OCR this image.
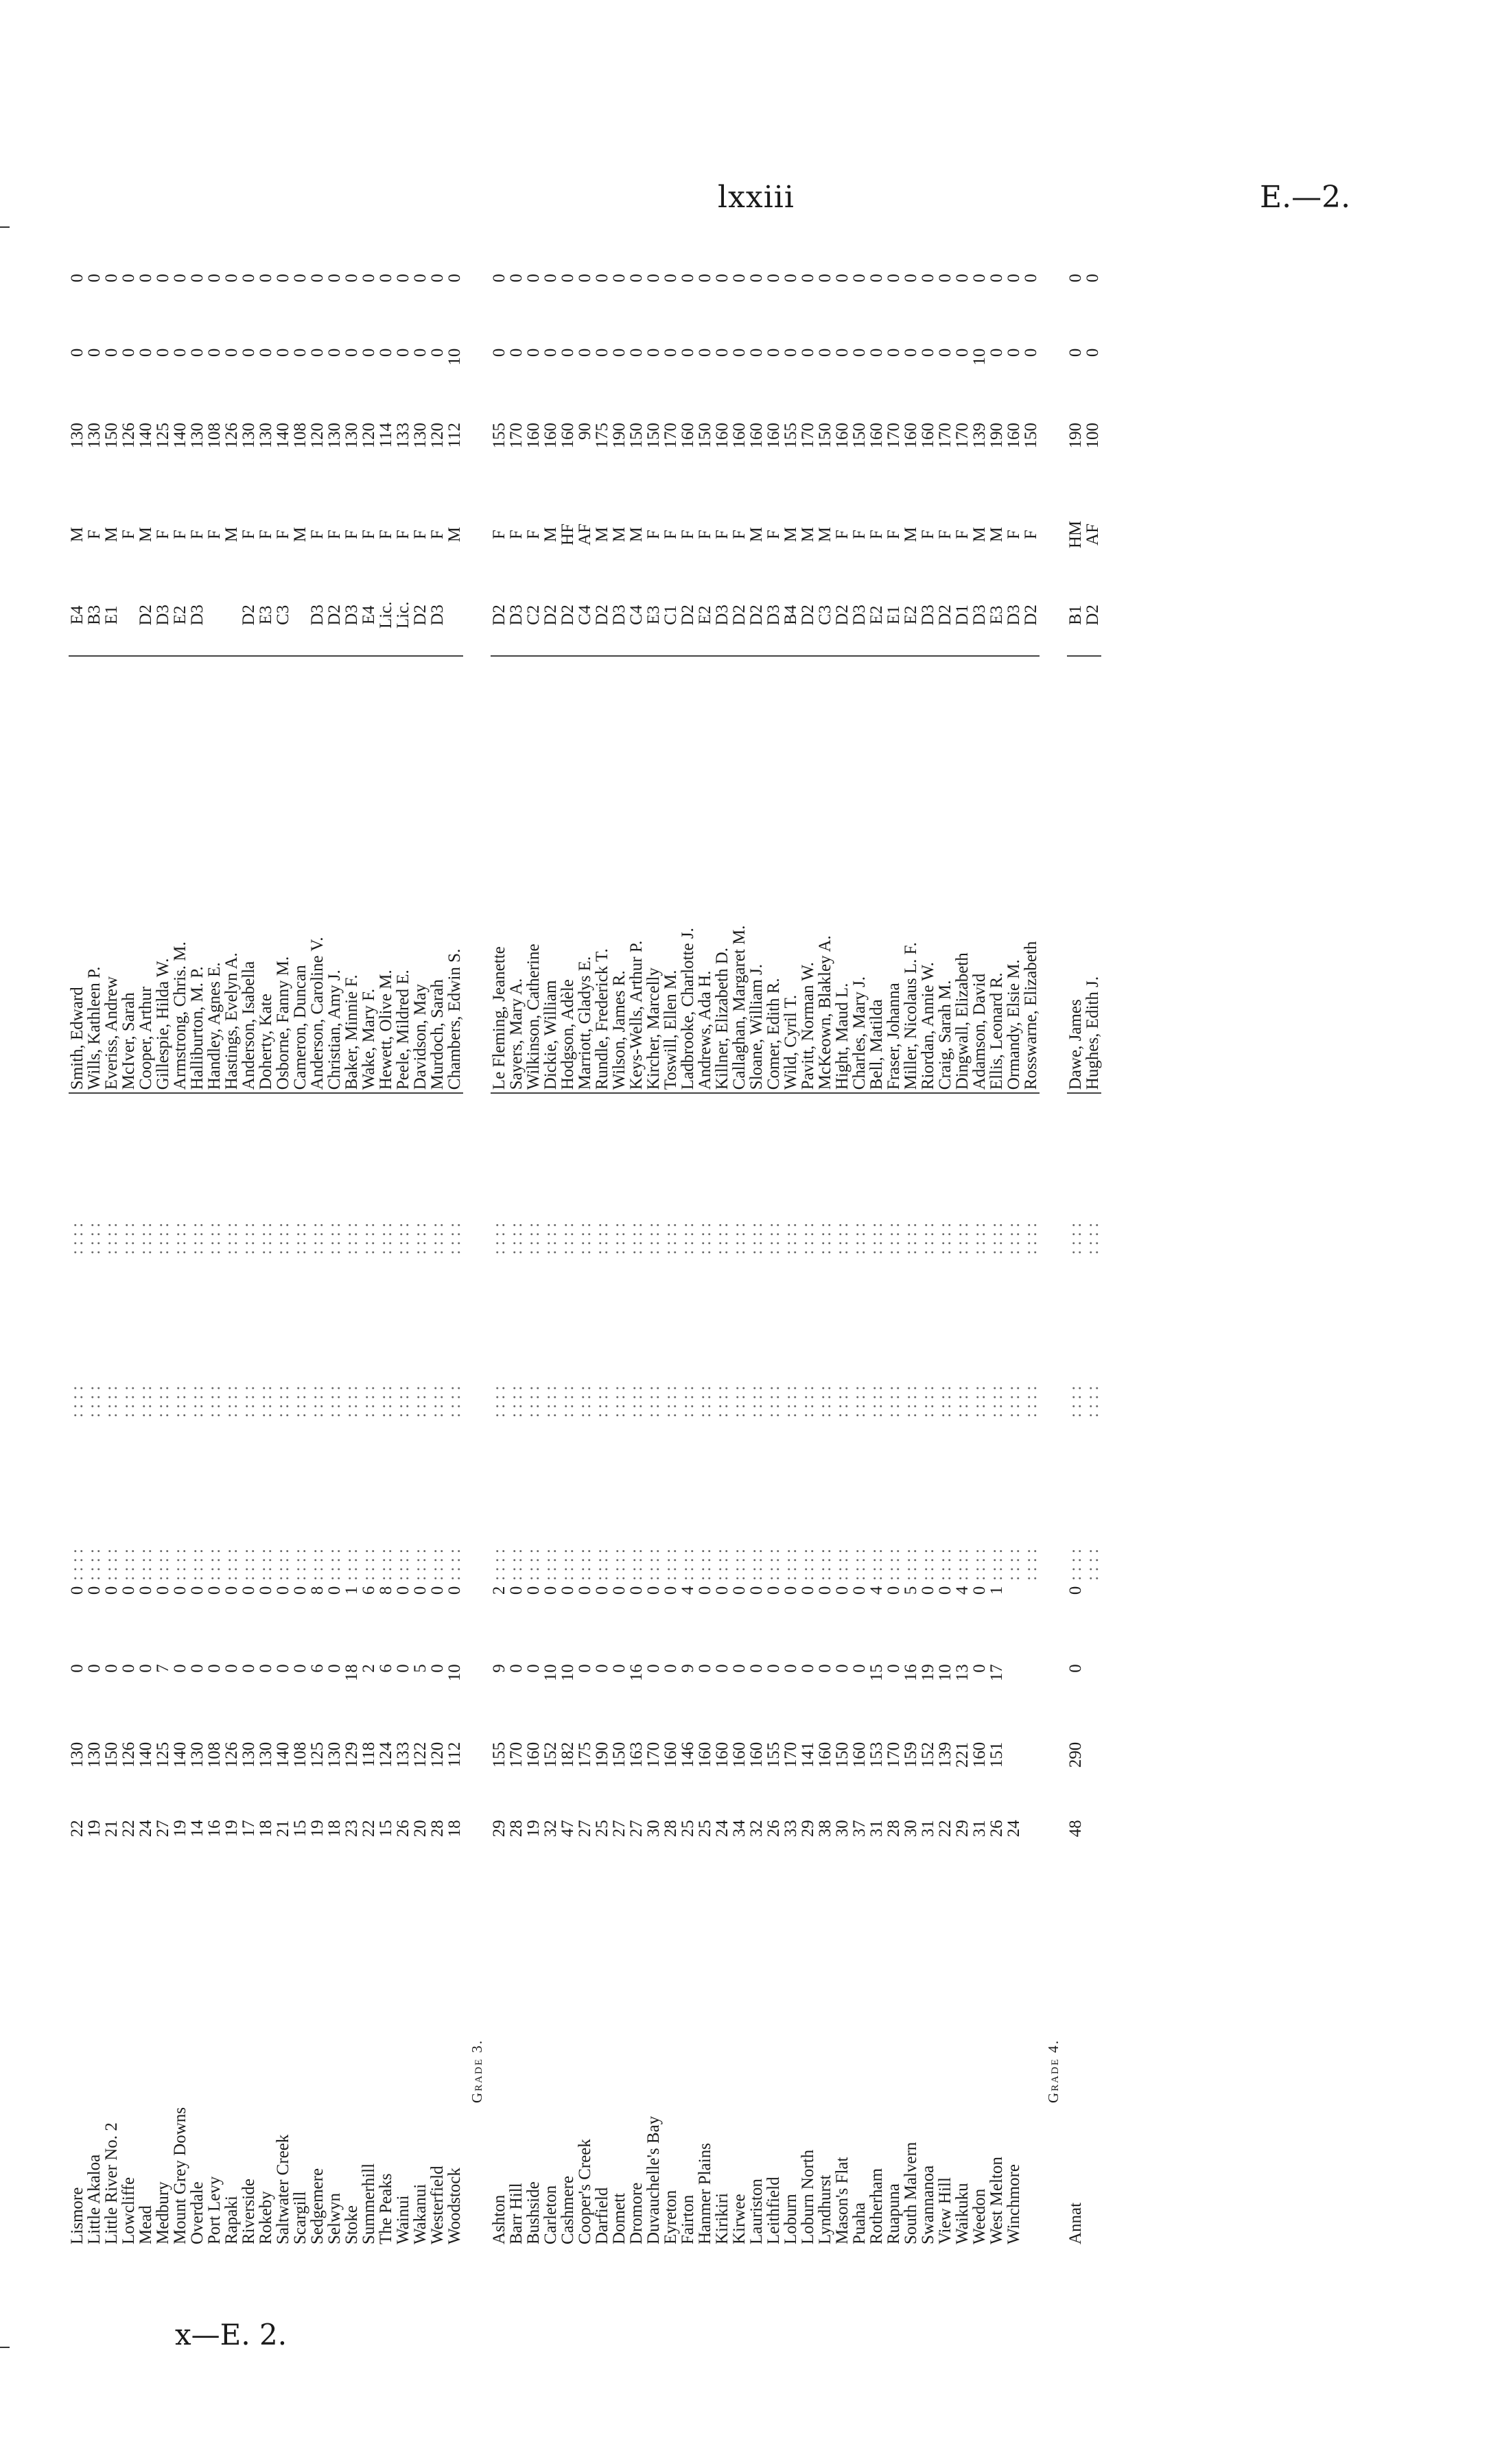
lxxiii	E.—2.
Lismore	22	130	0	0	: : : :	: : : :	: : : :	Smith, Edward	E4	M	130	0	0
Little Akaloa	19	130	0	0	: : : :	: : : :	: : : :	Wills, Kathleen P.	B3	F	130	0	0
Little River No. 2	21	150	0	0	: : : :	: : : :	: : : :	Everiss, Andrew	E1	M	150	0	0
Lowcliffe	22	126	0	0	: : : :	: : : :	: : : :	McIver, Sarah		F	126	0	0
Mead	24	140	0	0	: : : :	: : : :	: : : :	Cooper, Arthur	D2	M	140	0	0
Medbury	27	125	7	0	: : : :	: : : :	: : : :	Gillespie, Hilda W.	D3	F	125	0	0
Mount Grey Downs	19	140	0	0	: : : :	: : : :	: : : :	Armstrong, Chris. M.	E2	F	140	0	0
Overdale	14	130	0	0	: : : :	: : : :	: : : :	Halliburton, M. P.	D3	F	130	0	0
Port Levy	16	108	0	0	: : : :	: : : :	: : : :	Handley, Agnes E.		F	108	0	0
Rapaki	19	126	0	0	: : : :	: : : :	: : : :	Hastings, Evelyn A.		M	126	0	0
Riverside	17	130	0	0	: : : :	: : : :	: : : :	Anderson, Isabella	D2	F	130	0	0
Rokeby	18	130	0	0	: : : :	: : : :	: : : :	Doherty, Kate	E3	F	130	0	0
Saltwater Creek	21	140	0	0	: : : :	: : : :	: : : :	Osborne, Fanny M.	C3	F	140	0	0
Scargill	15	108	0	0	: : : :	: : : :	: : : :	Cameron, Duncan		M	108	0	0
Sedgemere	19	125	6	8	: : : :	: : : :	: : : :	Anderson, Caroline V.	D3	F	120	0	0
Selwyn	18	130	0	0	: : : :	: : : :	: : : :	Christian, Amy J.	D2	F	130	0	0
Stoke	23	129	18	1	: : : :	: : : :	: : : :	Baker, Minnie F.	D3	F	130	0	0
Summerhill	22	118	2	6	: : : :	: : : :	: : : :	Wake, Mary F.	E4	F	120	0	0
The Peaks	15	124	6	8	: : : :	: : : :	: : : :	Hewett, Olive M.	Lic.	F	114	0	0
Wainui	26	133	0	0	: : : :	: : : :	: : : :	Peele, Mildred E.	Lic.	F	133	0	0
Wakanui	20	122	5	0	: : : :	: : : :	: : : :	Davidson, May	D2	F	130	0	0
Westerfield	28	120	0	0	: : : :	: : : :	: : : :	Murdoch, Sarah	D3	F	120	0	0
Woodstock	18	112	10	0	: : : :	: : : :	: : : :	Chambers, Edwin S.		M	112	10	0
Grade 3.													
Ashton	29	155	9	2	: : : :	: : : :	: : : :	Le Fleming, Jeanette	D2	F	155	0	0
Barr Hill	28	170	0	0	: : : :	: : : :	: : : :	Sayers, Mary A.	D3	F	170	0	0
Bushside	19	160	0	0	: : : :	: : : :	: : : :	Wilkinson, Catherine	C2	F	160	0	0
Carleton	32	152	10	0	: : : :	: : : :	: : : :	Dickie, William	D2	M	160	0	0
Cashmere	47	182	10	0	: : : :	: : : :	: : : :	Hodgson, Adèle	D2	HF	160	0	0
Cooper's Creek	27	175	0	0	: : : :	: : : :	: : : :	Marriott, Gladys E.	C4	AF	90	0	0
Darfield	25	190	0	0	: : : :	: : : :	: : : :	Rundle, Frederick T.	D2	M	175	0	0
Domett	27	150	0	0	: : : :	: : : :	: : : :	Wilson, James R.	D3	M	190	0	0
Dromore	27	163	16	0	: : : :	: : : :	: : : :	Keys-Wells, Arthur P.	C4	M	150	0	0
Duvauchelle's Bay	30	170	0	0	: : : :	: : : :	: : : :	Kircher, Marcelly	E3	F	150	0	0
Eyreton	28	160	0	0	: : : :	: : : :	: : : :	Toswill, Ellen M.	C1	F	170	0	0
Fairton	25	146	9	4	: : : :	: : : :	: : : :	Ladbrooke, Charlotte J.	D2	F	160	0	0
Hanmer Plains	25	160	0	0	: : : :	: : : :	: : : :	Andrews, Ada H.	E2	F	150	0	0
Kirikiri	24	160	0	0	: : : :	: : : :	: : : :	Killner, Elizabeth D.	D3	F	160	0	0
Kirwee	34	160	0	0	: : : :	: : : :	: : : :	Callaghan, Margaret M.	D2	F	160	0	0
Lauriston	32	160	0	0	: : : :	: : : :	: : : :	Sloane, William J.	D2	M	160	0	0
Leithfield	26	155	0	0	: : : :	: : : :	: : : :	Comer, Edith R.	D3	F	160	0	0
Loburn	33	170	0	0	: : : :	: : : :	: : : :	Wild, Cyril T.	B4	M	155	0	0
Loburn North	29	141	0	0	: : : :	: : : :	: : : :	Pavitt, Norman W.	D2	M	170	0	0
Lyndhurst	38	160	0	0	: : : :	: : : :	: : : :	McKeown, Blakley A.	C3	M	150	0	0
Mason's Flat	30	150	0	0	: : : :	: : : :	: : : :	Hight, Maud L.	D2	F	160	0	0
Puaha	37	160	0	0	: : : :	: : : :	: : : :	Charles, Mary J.	D3	F	150	0	0
Rotherham	31	153	15	4	: : : :	: : : :	: : : :	Bell, Matilda	E2	F	160	0	0
Ruapuna	28	170	0	0	: : : :	: : : :	: : : :	Fraser, Johanna	E1	F	170	0	0
South Malvern	30	159	16	5	: : : :	: : : :	: : : :	Miller, Nicolaus L. F.	E2	M	160	0	0
Swannanoa	31	152	19	0	: : : :	: : : :	: : : :	Riordan, Annie W.	D3	F	160	0	0
View Hill	22	139	10	0	: : : :	: : : :	: : : :	Craig, Sarah M.	D2	F	170	0	0
Waikuku	29	221	13	4	: : : :	: : : :	: : : :	Dingwall, Elizabeth	D1	F	170	0	0
Weedon	31	160	0	0	: : : :	: : : :	: : : :	Adamson, David	D3	M	139	10	0
West Melton	26	151	17	1	: : : :	: : : :	: : : :	Ellis, Leonard R.	E3	M	190	0	0
Winchmore	24				: : : :	: : : :	: : : :	Ormandy, Elsie M.	D3	F	160	0	0
					: : : :	: : : :	: : : :	Rosswarne, Elizabeth	D2	F	150	0	0
Grade 4.													
Annat	48	290	0	0	: : : :	: : : :	: : : :	Dawe, James	B1	HM	190	0	0
					: : : :	: : : :	: : : :	Hughes, Edith J.	D2	AF	100	0	0
x—E. 2.
